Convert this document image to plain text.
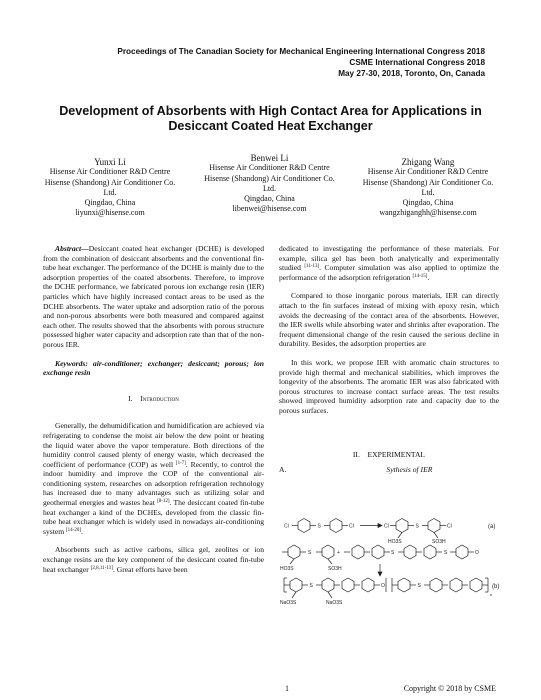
Proceedings of The Canadian Society for Mechanical Engineering International Congress 2018
CSME International Congress 2018
May 27-30, 2018, Toronto, On, Canada
Development of Absorbents with High Contact Area for Applications in
Desiccant Coated Heat Exchanger
Yunxi Li
Hisense Air Conditioner R&D Centre
Hisense (Shandong) Air Conditioner Co.
Ltd.
Qingdao, China
liyunxi@hisense.com
Benwei Li
Hisense Air Conditioner R&D Centre
Hisense (Shandong) Air Conditioner Co.
Ltd.
Qingdao, China
libenwei@hisense.com
Zhigang Wang
Hisense Air Conditioner R&D Centre
Hisense (Shandong) Air Conditioner Co.
Ltd.
Qingdao, China
wangzhiganghh@hisense.com

Abstract—Desiccant coated heat exchanger (DCHE) is developed from the combination of desiccant absorbents and the conventional fin-tube heat exchanger. The performance of the DCHE is mainly due to the adsorption properties of the coated absorbents. Therefore, to improve the DCHE performance, we fabricated porous ion exchange resin (IER) particles which have highly increased contact areas to be used as the DCHE absorbents. The water uptake and adsorption ratio of the porous and non-porous absorbents were both measured and compared against each other. The results showed that the absorbents with porous structure possessed higher water capacity and adsorption rate than that of the non-porous IER.

Keywords: air-conditioner; exchanger; desiccant; porous; ion exchange resin

I. Introduction

Generally, the dehumidification and humidification are achieved via refrigerating to condense the moist air below the dew point or heating the liquid water above the vapor temperature. Both directions of the humidity control caused plenty of energy waste, which decreased the coefficient of performance (COP) as well [1-7]. Recently, to control the indoor humidity and improve the COP of the conventional air-conditioning system, researches on adsorption refrigeration technology has increased due to many advantages such as utilizing solar and geothermal energies and wastes heat [8-12]. The desiccant coated fin-tube heat exchanger a kind of the DCHEs, developed from the classic fin-tube heat exchanger which is widely used in nowadays air-conditioning system [14-20].

Absorbents such as active carbons, silica gel, zeolites or ion exchange resins are the key component of the desiccant coated fin-tube heat exchanger [2,8,11-13]. Great efforts have been

dedicated to investigating the performance of these materials. For example, silica gel has been both analytically and experimentally studied [11-13]. Computer simulation was also applied to optimize the performance of the adsorption refrigeration [14-15].

Compared to those inorganic porous materials, IER can directly attach to the fin surfaces instead of mixing with epoxy resin, which avoids the decreasing of the contact area of the absorbents. However, the IER swells while absorbing water and shrinks after evaporation. The frequent dimensional change of the resin caused the serious decline in durability. Besides, the adsorption properties are

In this work, we propose IER with aromatic chain structures to provide high thermal and mechanical stabilities, which improves the longevity of the absorbents. The aromatic IER was also fabricated with porous structures to increase contact surface areas. The test results showed improved humidity adsorption rate and capacity due to the porous surfaces.

II. EXPERIMENTAL

A.	Sythesis of IER

Cl	S	Cl	Cl	S	Cl
HO3S	SO3H
(a)
S	+
HO3S	SO3H
S	S	O
S	O	S
n
NaO3S	NaO3S
(b)
1	Copyright © 2018 by CSME
